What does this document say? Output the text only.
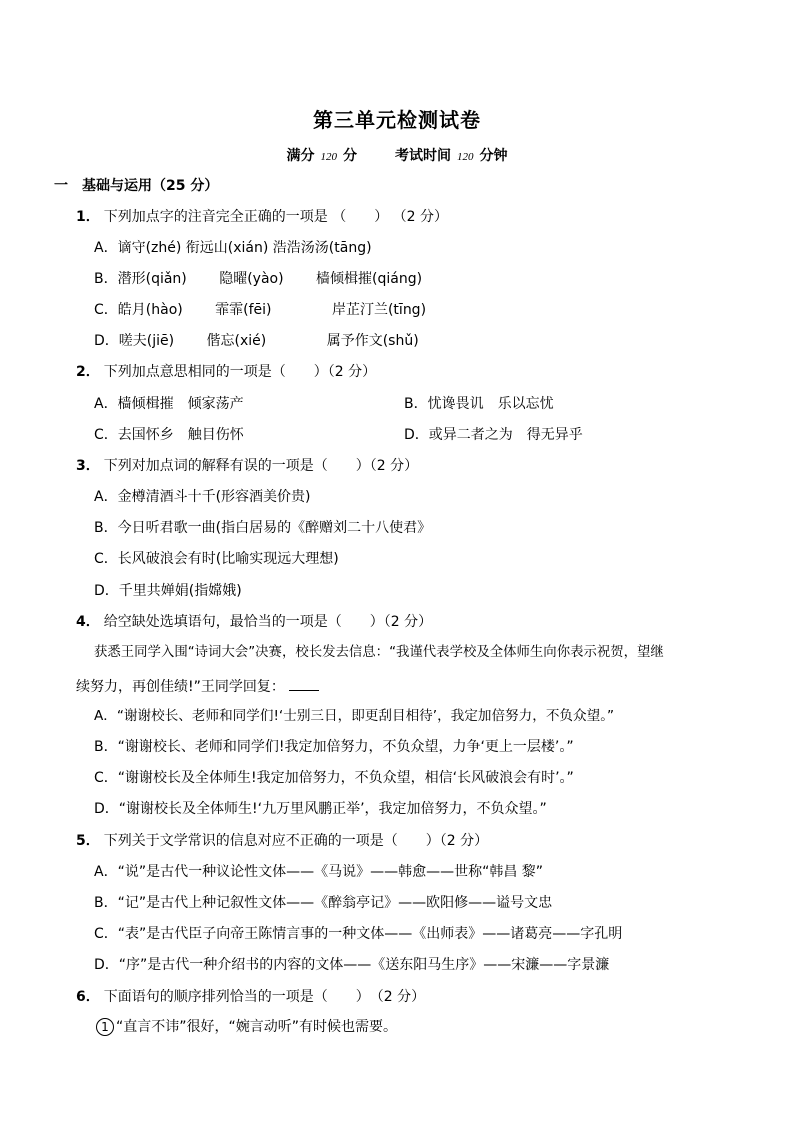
第三单元检测试卷
满分 120 分	考试时间 120 分钟
一　基础与运用（25 分）
1． 下列加点字的注音完全正确的一项是 （　　） （2 分）
A．谪守(zhé) 衔远山(xián) 浩浩汤汤(tāng)
B．潜形(qiǎn)　　 隐曜(yào)　　 樯倾楫摧(qiáng)
C．皓月(hào)　　 霏霏(fēi)　　　　 岸芷汀兰(tīng)
D．嗟夫(jiē)　　 偕忘(xié)　　　　 属予作文(shǔ)
2． 下列加点意思相同的一项是（　　）（2 分）
A．樯倾楫摧　倾家荡产	B．忧谗畏讥　乐以忘忧
C．去国怀乡　触目伤怀	D．或异二者之为　得无异乎
3． 下列对加点词的解释有误的一项是（　　）（2 分）
A．金樽清酒斗十千(形容酒美价贵)
B．今日听君歌一曲(指白居易的《醉赠刘二十八使君》
C．长风破浪会有时(比喻实现远大理想)
D．千里共婵娟(指嫦娥)
4． 给空缺处选填语句，最恰当的一项是（　　）（2 分）
获悉王同学入围“诗词大会”决赛，校长发去信息：“我谨代表学校及全体师生向你表示祝贺，望继
续努力，再创佳绩!”王同学回复：
A．“谢谢校长、老师和同学们!‘士别三日，即更刮目相待’，我定加倍努力，不负众望。”
B．“谢谢校长、老师和同学们!我定加倍努力，不负众望，力争‘更上一层楼’。”
C．“谢谢校长及全体师生!我定加倍努力，不负众望，相信‘长风破浪会有时’。”
D．“谢谢校长及全体师生!‘九万里风鹏正举’，我定加倍努力，不负众望。”
5． 下列关于文学常识的信息对应不正确的一项是（　　）（2 分）
A．“说”是古代一种议论性文体——《马说》——韩愈——世称“韩昌 黎”
B．“记”是古代上种记叙性文体——《醉翁亭记》——欧阳修——谥号文忠
C．“表”是古代臣子向帝王陈情言事的一种文体——《出师表》——诸葛亮——字孔明
D．“序”是古代一种介绍书的内容的文体——《送东阳马生序》——宋濂——字景濂
6． 下面语句的顺序排列恰当的一项是（　　）　（2 分）
1 “直言不讳”很好，“婉言动听”有时候也需要。
